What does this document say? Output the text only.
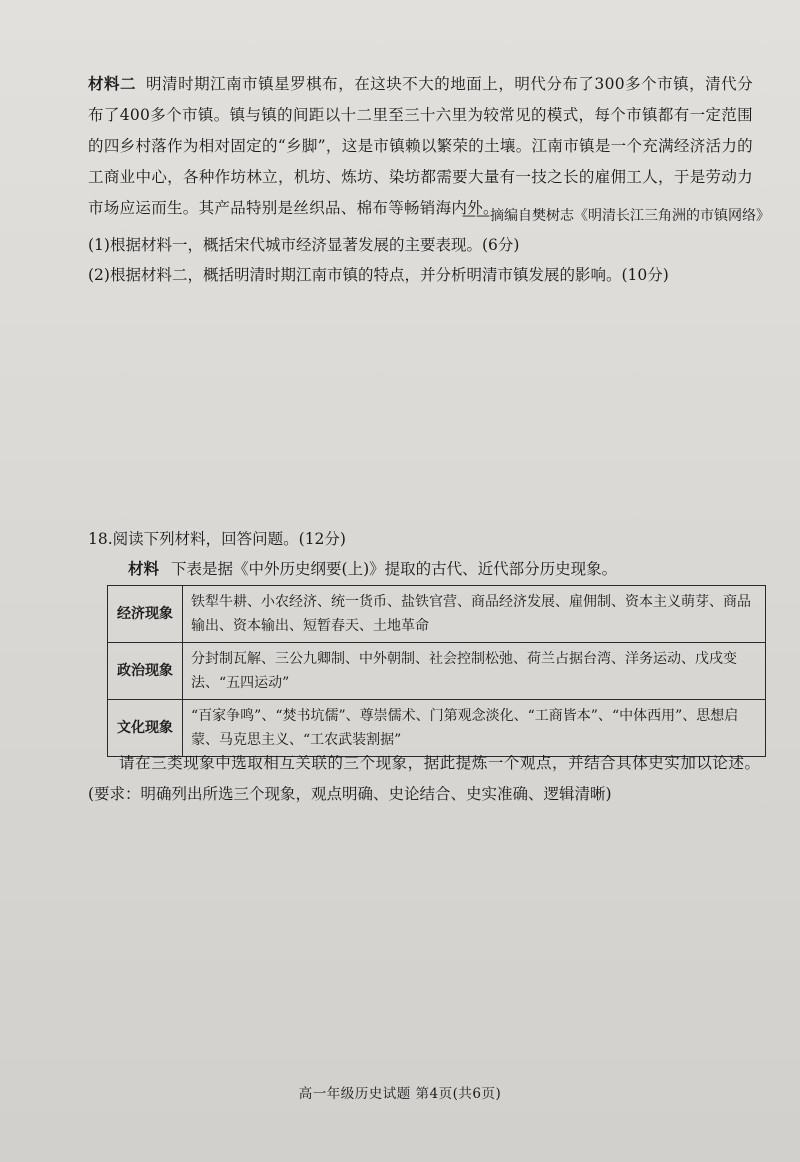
材料二 明清时期江南市镇星罗棋布，在这块不大的地面上，明代分布了300多个市镇，清代分布了400多个市镇。镇与镇的间距以十二里至三十六里为较常见的模式，每个市镇都有一定范围的四乡村落作为相对固定的“乡脚”，这是市镇赖以繁荣的土壤。江南市镇是一个充满经济活力的工商业中心，各种作坊林立，机坊、炼坊、染坊都需要大量有一技之长的雇佣工人，于是劳动力市场应运而生。其产品特别是丝织品、棉布等畅销海内外。

——摘编自樊树志《明清长江三角洲的市镇网络》

(1)根据材料一，概括宋代城市经济显著发展的主要表现。(6分)

(2)根据材料二，概括明清时期江南市镇的特点，并分析明清市镇发展的影响。(10分)

18.阅读下列材料，回答问题。(12分)

材料 下表是据《中外历史纲要(上)》提取的古代、近代部分历史现象。

经济现象	铁犁牛耕、小农经济、统一货币、盐铁官营、商品经济发展、雇佣制、资本主义萌芽、商品输出、资本输出、短暂春天、土地革命
政治现象	分封制瓦解、三公九卿制、中外朝制、社会控制松弛、荷兰占据台湾、洋务运动、戊戌变法、“五四运动”
文化现象	“百家争鸣”、“焚书坑儒”、尊崇儒术、门第观念淡化、“工商皆本”、“中体西用”、思想启蒙、马克思主义、“工农武装割据”

请在三类现象中选取相互关联的三个现象，据此提炼一个观点，并结合具体史实加以论述。(要求：明确列出所选三个现象，观点明确、史论结合、史实准确、逻辑清晰)

高一年级历史试题 第4页(共6页)
